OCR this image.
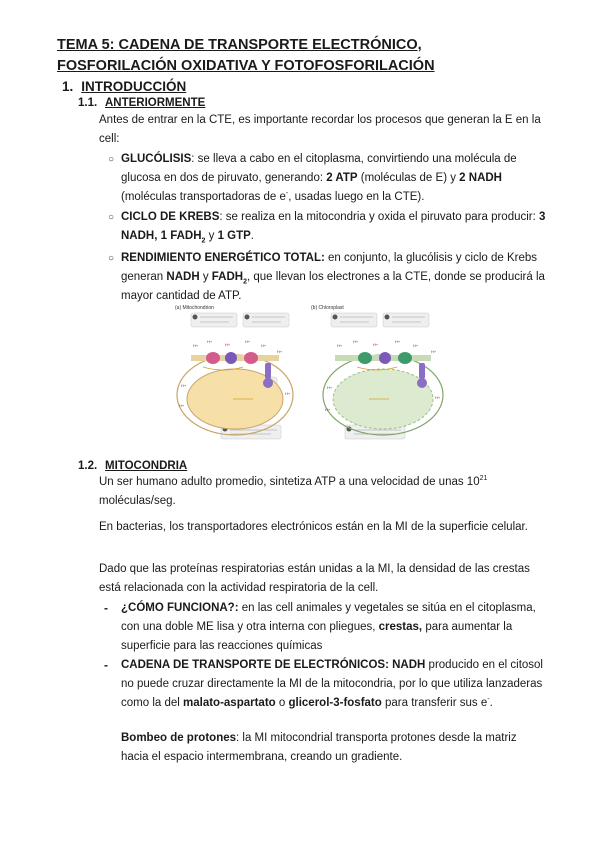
TEMA 5: CADENA DE TRANSPORTE ELECTRÓNICO,
FOSFORILACIÓN OXIDATIVA Y FOTOFOSFORILACIÓN
1. INTRODUCCIÓN
1.1. ANTERIORMENTE

Antes de entrar en la CTE, es importante recordar los procesos que generan la E en la cell:

○ GLUCÓLISIS: se lleva a cabo en el citoplasma, convirtiendo una molécula de glucosa en dos de piruvato, generando: 2 ATP (moléculas de E) y 2 NADH (moléculas transportadoras de e-, usadas luego en la CTE).

○ CICLO DE KREBS: se realiza en la mitocondria y oxida el piruvato para producir: 3 NADH, 1 $FADH_2$ y 1 GTP.

○ RENDIMIENTO ENERGÉTICO TOTAL: en conjunto, la glucólisis y ciclo de Krebs generan NADH y $FADH_2$, que llevan los electrones a la CTE, donde se producirá la mayor cantidad de ATP.

(a) Mitochondrion	(b) Chloroplast
H+
H+
H+
H+
H+
H+
H+
H+
H+
H+
H+
H+
H+
H+
H+
H+
H+
H+
1.2. MITOCONDRIA

Un ser humano adulto promedio, sintetiza ATP a una velocidad de unas $10^{21}$ moléculas/seg.

En bacterias, los transportadores electrónicos están en la MI de la superficie celular.

Dado que las proteínas respiratorias están unidas a la MI, la densidad de las crestas está relacionada con la actividad respiratoria de la cell.

-	¿CÓMO FUNCIONA?: en las cell animales y vegetales se sitúa en el citoplasma, con una doble ME lisa y otra interna con pliegues, crestas, para aumentar la superficie para las reacciones químicas

-	CADENA DE TRANSPORTE DE ELECTRÓNICOS: NADH producido en el citosol no puede cruzar directamente la MI de la mitocondria, por lo que utiliza lanzaderas como la del malato-aspartato o glicerol-3-fosfato para transferir sus e-.

Bombeo de protones: la MI mitocondrial transporta protones desde la matriz hacia el espacio intermembrana, creando un gradiente.
